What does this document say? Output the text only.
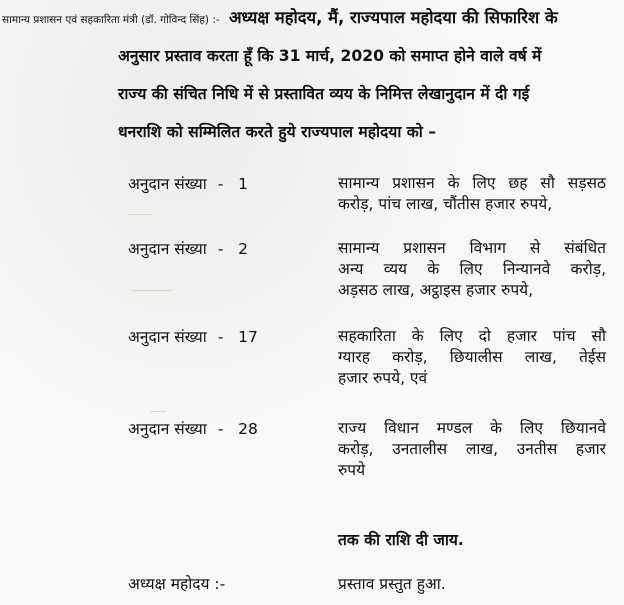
───
─────
──
सामान्य प्रशासन एवं सहकारिता मंत्री (डॉ. गोविन्द सिंह) :- अध्यक्ष महोदय, मैं, राज्यपाल महोदया की सिफारिश के
अनुसार प्रस्ताव करता हूँ कि 31 मार्च, 2020 को समाप्त होने वाले वर्ष में
राज्य की संचित निधि में से प्रस्तावित व्यय के निमित्त लेखानुदान में दी गई
धनराशि को सम्मिलित करते हुये राज्यपाल महोदया को –
अनुदान संख्या -   1	सामान्य प्रशासन के लिए छह सौ सड़सठ
करोड़, पांच लाख, चौंतीस हजार रुपये,
अनुदान संख्या -   2	सामान्य प्रशासन विभाग से संबंधित
अन्य व्यय के लिए निन्यानवे करोड़,
अड़सठ लाख, अट्ठाइस हजार रुपये,
अनुदान संख्या -   17	सहकारिता के लिए दो हजार पांच सौ
ग्यारह करोड़, छियालीस लाख, तेईस
हजार रुपये, एवं
अनुदान संख्या -   28	राज्य विधान मण्डल के लिए छियानवे
करोड़, उनतालीस लाख, उनतीस हजार
रुपये
तक की राशि दी जाय.
अध्यक्ष महोदय :-	प्रस्ताव प्रस्तुत हुआ.
